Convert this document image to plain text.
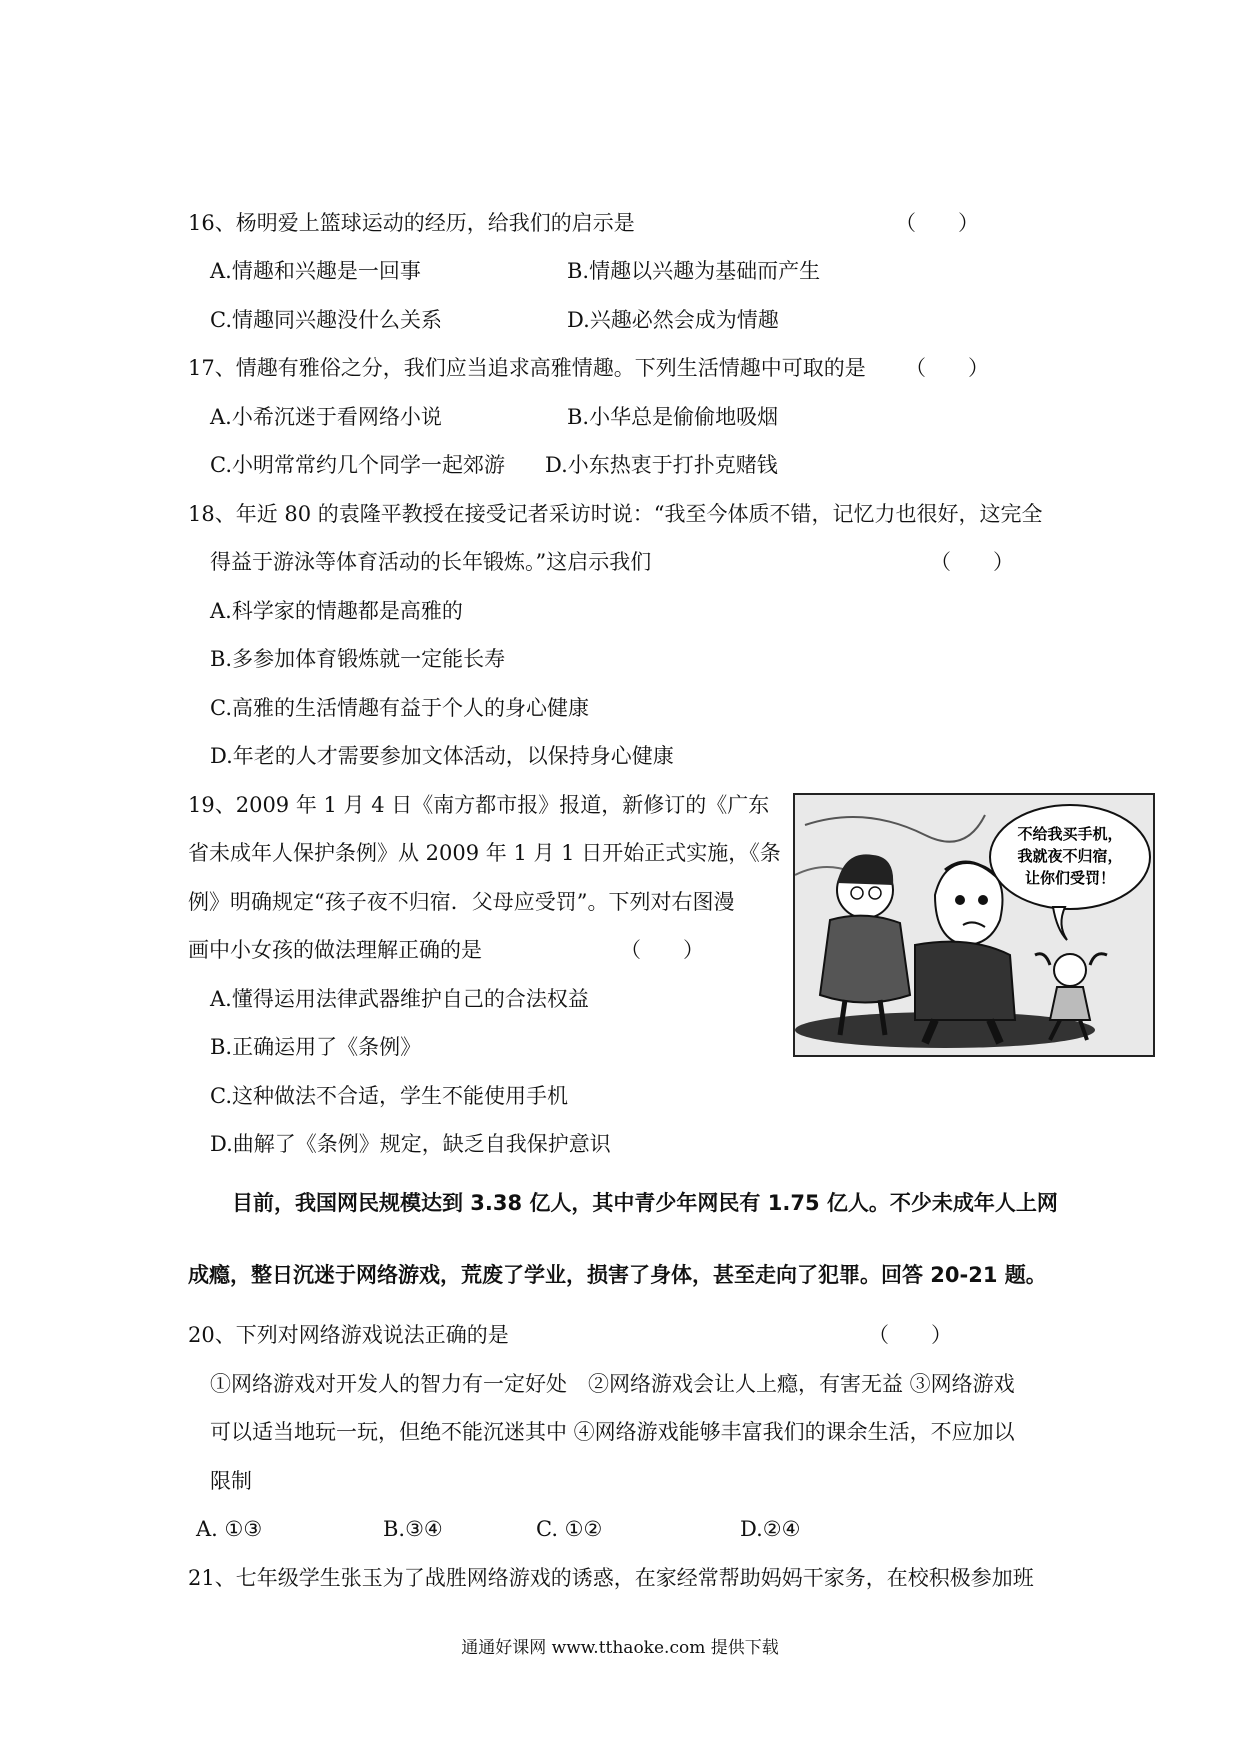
16、杨明爱上篮球运动的经历，给我们的启示是	（　　）
A.情趣和兴趣是一回事	B.情趣以兴趣为基础而产生
C.情趣同兴趣没什么关系	D.兴趣必然会成为情趣
17、情趣有雅俗之分，我们应当追求高雅情趣。下列生活情趣中可取的是 （　　）
A.小希沉迷于看网络小说	B.小华总是偷偷地吸烟
C.小明常常约几个同学一起郊游 D.小东热衷于打扑克赌钱
18、年近 80 的袁隆平教授在接受记者采访时说：“我至今体质不错，记忆力也很好，这完全
得益于游泳等体育活动的长年锻炼。”这启示我们	（　　）
A.科学家的情趣都是高雅的
B.多参加体育锻炼就一定能长寿
C.高雅的生活情趣有益于个人的身心健康
D.年老的人才需要参加文体活动，以保持身心健康
19、2009 年 1 月 4 日《南方都市报》报道，新修订的《广东
省未成年人保护条例》从 2009 年 1 月 1 日开始正式实施，《条
例》明确规定“孩子夜不归宿．父母应受罚”。下列对右图漫
画中小女孩的做法理解正确的是	（　　）
A.懂得运用法律武器维护自己的合法权益
B.正确运用了《条例》
C.这种做法不合适，学生不能使用手机
D.曲解了《条例》规定，缺乏自我保护意识
不给我买手机，
我就夜不归宿，
让你们受罚！
目前，我国网民规模达到 3.38 亿人，其中青少年网民有 1.75 亿人。不少未成年人上网
成瘾，整日沉迷于网络游戏，荒废了学业，损害了身体，甚至走向了犯罪。回答 20-21 题。
20、下列对网络游戏说法正确的是	（　　）
①网络游戏对开发人的智力有一定好处　②网络游戏会让人上瘾，有害无益 ③网络游戏
可以适当地玩一玩，但绝不能沉迷其中 ④网络游戏能够丰富我们的课余生活，不应加以
限制
A. ①③	B.③④	C. ①②	D.②④
21、七年级学生张玉为了战胜网络游戏的诱惑，在家经常帮助妈妈干家务，在校积极参加班
通通好课网 www.tthaoke.com 提供下载
